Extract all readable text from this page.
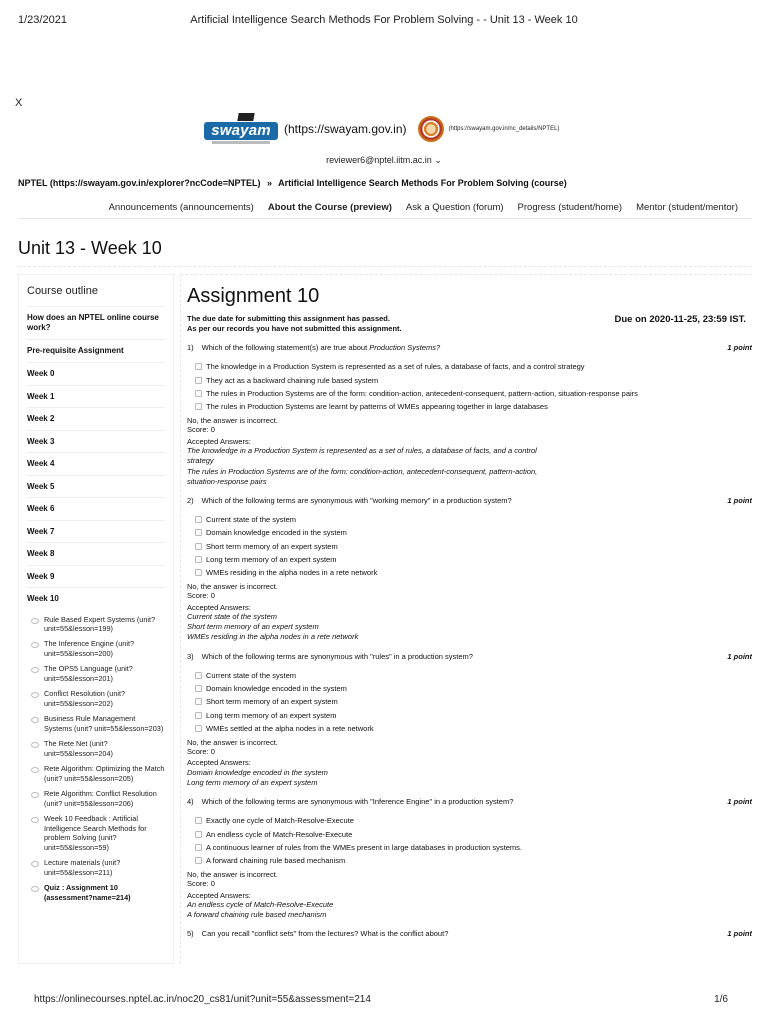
1/23/2021	Artificial Intelligence Search Methods For Problem Solving - - Unit 13 - Week 10
X
swayam	(https://swayam.gov.in)	(https://swayam.gov.in/nc_details/NPTEL)
reviewer6@nptel.iitm.ac.in ⌄
NPTEL (https://swayam.gov.in/explorer?ncCode=NPTEL) » Artificial Intelligence Search Methods For Problem Solving (course)
Announcements (announcements) About the Course (preview) Ask a Question (forum) Progress (student/home) Mentor (student/mentor)
Unit 13 - Week 10
Course outline
How does an NPTEL online course work?
Pre-requisite Assignment
Week 0
Week 1
Week 2
Week 3
Week 4
Week 5
Week 6
Week 7
Week 8
Week 9
Week 10
Rule Based Expert Systems (unit?unit=55&lesson=199)
The Inference Engine (unit? unit=55&lesson=200)
The OPS5 Language (unit? unit=55&lesson=201)
Conflict Resolution (unit? unit=55&lesson=202)
Business Rule Management Systems (unit? unit=55&lesson=203)
The Rete Net (unit? unit=55&lesson=204)
Rete Algorithm: Optimizing the Match (unit? unit=55&lesson=205)
Rete Algorithm: Conflict Resolution (unit? unit=55&lesson=206)
Week 10 Feedback : Artificial Intelligence Search Methods for problem Solving (unit? unit=55&lesson=59)
Lecture materials (unit? unit=55&lesson=211)
Quiz : Assignment 10 (assessment?name=214)
Assignment 10
The due date for submitting this assignment has passed.
As per our records you have not submitted this assignment.
Due on 2020-11-25, 23:59 IST.
1) Which of the following statement(s) are true about Production Systems?	1 point
The knowledge in a Production System is represented as a set of rules, a database of facts, and a control strategy
They act as a backward chaining rule based system
The rules in Production Systems are of the form: condition-action, antecedent-consequent, pattern-action, situation-response pairs
The rules in Production Systems are learnt by patterns of WMEs appearing together in large databases
No, the answer is incorrect.
Score: 0
Accepted Answers:
The knowledge in a Production System is represented as a set of rules, a database of facts, and a control
strategy
The rules in Production Systems are of the form: condition-action, antecedent-consequent, pattern-action,
situation-response pairs
2) Which of the following terms are synonymous with "working memory" in a production system?	1 point
Current state of the system
Domain knowledge encoded in the system
Short term memory of an expert system
Long term memory of an expert system
WMEs residing in the alpha nodes in a rete network
No, the answer is incorrect.
Score: 0
Accepted Answers:
Current state of the system
Short term memory of an expert system
WMEs residing in the alpha nodes in a rete network
3) Which of the following terms are synonymous with "rules" in a production system?	1 point
Current state of the system
Domain knowledge encoded in the system
Short term memory of an expert system
Long term memory of an expert system
WMEs settled at the alpha nodes in a rete network
No, the answer is incorrect.
Score: 0
Accepted Answers:
Domain knowledge encoded in the system
Long term memory of an expert system
4) Which of the following terms are synonymous with "Inference Engine" in a production system?	1 point
Exactly one cycle of Match-Resolve-Execute
An endless cycle of Match-Resolve-Execute
A continuous learner of rules from the WMEs present in large databases in production systems.
A forward chaining rule based mechanism
No, the answer is incorrect.
Score: 0
Accepted Answers:
An endless cycle of Match-Resolve-Execute
A forward chaining rule based mechanism
5) Can you recall "conflict sets" from the lectures? What is the conflict about?	1 point
https://onlinecourses.nptel.ac.in/noc20_cs81/unit?unit=55&assessment=214	1/6
